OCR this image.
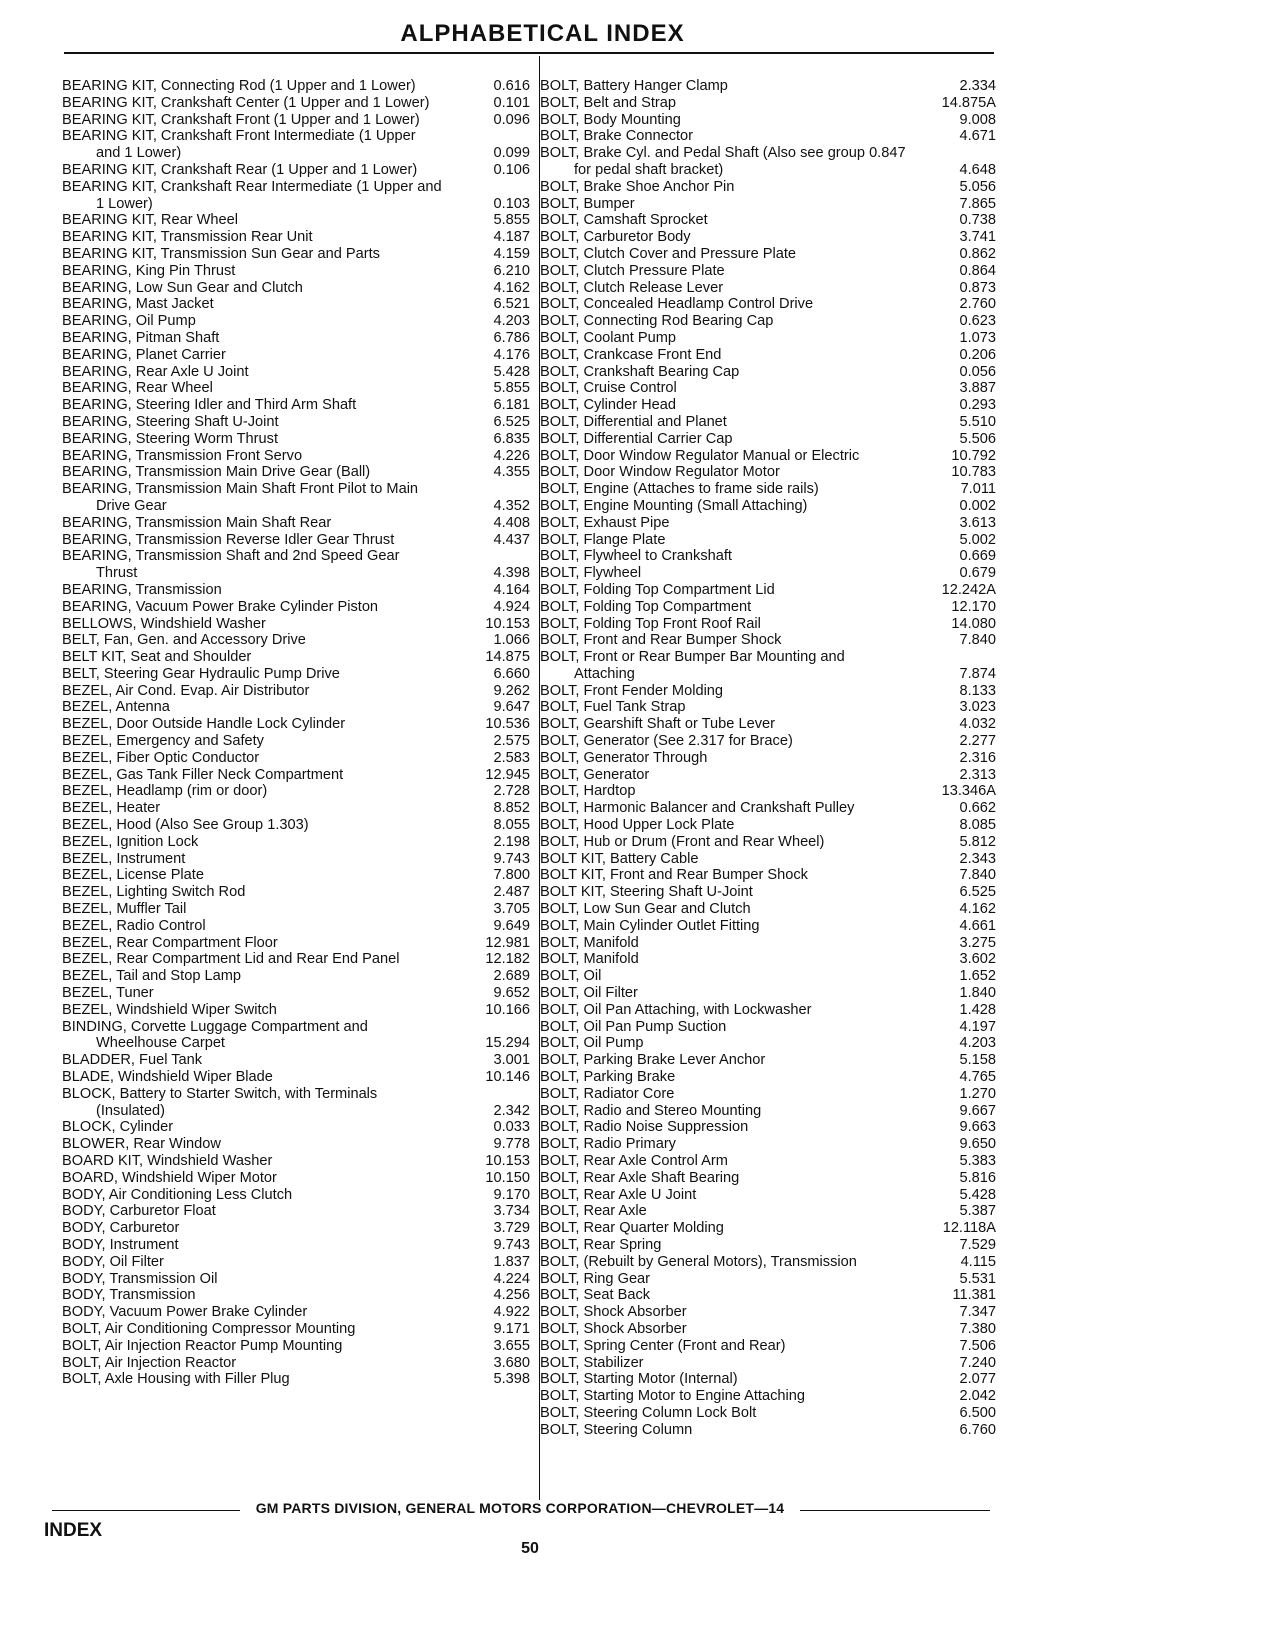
ALPHABETICAL INDEX
BEARING KIT, Connecting Rod (1 Upper and 1 Lower)	0.616
BEARING KIT, Crankshaft Center (1 Upper and 1 Lower)	0.101
BEARING KIT, Crankshaft Front (1 Upper and 1 Lower)	0.096
BEARING KIT, Crankshaft Front Intermediate (1 Upper and 1 Lower)	0.099
BEARING KIT, Crankshaft Rear (1 Upper and 1 Lower)	0.106
BEARING KIT, Crankshaft Rear Intermediate (1 Upper and 1 Lower)	0.103
BEARING KIT, Rear Wheel	5.855
BEARING KIT, Transmission Rear Unit	4.187
BEARING KIT, Transmission Sun Gear and Parts	4.159
BEARING, King Pin Thrust	6.210
BEARING, Low Sun Gear and Clutch	4.162
BEARING, Mast Jacket	6.521
BEARING, Oil Pump	4.203
BEARING, Pitman Shaft	6.786
BEARING, Planet Carrier	4.176
BEARING, Rear Axle U Joint	5.428
BEARING, Rear Wheel	5.855
BEARING, Steering Idler and Third Arm Shaft	6.181
BEARING, Steering Shaft U-Joint	6.525
BEARING, Steering Worm Thrust	6.835
BEARING, Transmission Front Servo	4.226
BEARING, Transmission Main Drive Gear (Ball)	4.355
BEARING, Transmission Main Shaft Front Pilot to Main Drive Gear	4.352
BEARING, Transmission Main Shaft Rear	4.408
BEARING, Transmission Reverse Idler Gear Thrust	4.437
BEARING, Transmission Shaft and 2nd Speed Gear Thrust	4.398
BEARING, Transmission	4.164
BEARING, Vacuum Power Brake Cylinder Piston	4.924
BELLOWS, Windshield Washer	10.153
BELT, Fan, Gen. and Accessory Drive	1.066
BELT KIT, Seat and Shoulder	14.875
BELT, Steering Gear Hydraulic Pump Drive	6.660
BEZEL, Air Cond. Evap. Air Distributor	9.262
BEZEL, Antenna	9.647
BEZEL, Door Outside Handle Lock Cylinder	10.536
BEZEL, Emergency and Safety	2.575
BEZEL, Fiber Optic Conductor	2.583
BEZEL, Gas Tank Filler Neck Compartment	12.945
BEZEL, Headlamp (rim or door)	2.728
BEZEL, Heater	8.852
BEZEL, Hood (Also See Group 1.303)	8.055
BEZEL, Ignition Lock	2.198
BEZEL, Instrument	9.743
BEZEL, License Plate	7.800
BEZEL, Lighting Switch Rod	2.487
BEZEL, Muffler Tail	3.705
BEZEL, Radio Control	9.649
BEZEL, Rear Compartment Floor	12.981
BEZEL, Rear Compartment Lid and Rear End Panel	12.182
BEZEL, Tail and Stop Lamp	2.689
BEZEL, Tuner	9.652
BEZEL, Windshield Wiper Switch	10.166
BINDING, Corvette Luggage Compartment and Wheelhouse Carpet	15.294
BLADDER, Fuel Tank	3.001
BLADE, Windshield Wiper Blade	10.146
BLOCK, Battery to Starter Switch, with Terminals (Insulated)	2.342
BLOCK, Cylinder	0.033
BLOWER, Rear Window	9.778
BOARD KIT, Windshield Washer	10.153
BOARD, Windshield Wiper Motor	10.150
BODY, Air Conditioning Less Clutch	9.170
BODY, Carburetor Float	3.734
BODY, Carburetor	3.729
BODY, Instrument	9.743
BODY, Oil Filter	1.837
BODY, Transmission Oil	4.224
BODY, Transmission	4.256
BODY, Vacuum Power Brake Cylinder	4.922
BOLT, Air Conditioning Compressor Mounting	9.171
BOLT, Air Injection Reactor Pump Mounting	3.655
BOLT, Air Injection Reactor	3.680
BOLT, Axle Housing with Filler Plug	5.398
BOLT, Battery Hanger Clamp	2.334
BOLT, Belt and Strap	14.875A
BOLT, Body Mounting	9.008
BOLT, Brake Connector	4.671
BOLT, Brake Cyl. and Pedal Shaft (Also see group 0.847 for pedal shaft bracket)	4.648
BOLT, Brake Shoe Anchor Pin	5.056
BOLT, Bumper	7.865
BOLT, Camshaft Sprocket	0.738
BOLT, Carburetor Body	3.741
BOLT, Clutch Cover and Pressure Plate	0.862
BOLT, Clutch Pressure Plate	0.864
BOLT, Clutch Release Lever	0.873
BOLT, Concealed Headlamp Control Drive	2.760
BOLT, Connecting Rod Bearing Cap	0.623
BOLT, Coolant Pump	1.073
BOLT, Crankcase Front End	0.206
BOLT, Crankshaft Bearing Cap	0.056
BOLT, Cruise Control	3.887
BOLT, Cylinder Head	0.293
BOLT, Differential and Planet	5.510
BOLT, Differential Carrier Cap	5.506
BOLT, Door Window Regulator Manual or Electric	10.792
BOLT, Door Window Regulator Motor	10.783
BOLT, Engine (Attaches to frame side rails)	7.011
BOLT, Engine Mounting (Small Attaching)	0.002
BOLT, Exhaust Pipe	3.613
BOLT, Flange Plate	5.002
BOLT, Flywheel to Crankshaft	0.669
BOLT, Flywheel	0.679
BOLT, Folding Top Compartment Lid	12.242A
BOLT, Folding Top Compartment	12.170
BOLT, Folding Top Front Roof Rail	14.080
BOLT, Front and Rear Bumper Shock	7.840
BOLT, Front or Rear Bumper Bar Mounting and Attaching	7.874
BOLT, Front Fender Molding	8.133
BOLT, Fuel Tank Strap	3.023
BOLT, Gearshift Shaft or Tube Lever	4.032
BOLT, Generator (See 2.317 for Brace)	2.277
BOLT, Generator Through	2.316
BOLT, Generator	2.313
BOLT, Hardtop	13.346A
BOLT, Harmonic Balancer and Crankshaft Pulley	0.662
BOLT, Hood Upper Lock Plate	8.085
BOLT, Hub or Drum (Front and Rear Wheel)	5.812
BOLT KIT, Battery Cable	2.343
BOLT KIT, Front and Rear Bumper Shock	7.840
BOLT KIT, Steering Shaft U-Joint	6.525
BOLT, Low Sun Gear and Clutch	4.162
BOLT, Main Cylinder Outlet Fitting	4.661
BOLT, Manifold	3.275
BOLT, Manifold	3.602
BOLT, Oil	1.652
BOLT, Oil Filter	1.840
BOLT, Oil Pan Attaching, with Lockwasher	1.428
BOLT, Oil Pan Pump Suction	4.197
BOLT, Oil Pump	4.203
BOLT, Parking Brake Lever Anchor	5.158
BOLT, Parking Brake	4.765
BOLT, Radiator Core	1.270
BOLT, Radio and Stereo Mounting	9.667
BOLT, Radio Noise Suppression	9.663
BOLT, Radio Primary	9.650
BOLT, Rear Axle Control Arm	5.383
BOLT, Rear Axle Shaft Bearing	5.816
BOLT, Rear Axle U Joint	5.428
BOLT, Rear Axle	5.387
BOLT, Rear Quarter Molding	12.118A
BOLT, Rear Spring	7.529
BOLT, (Rebuilt by General Motors), Transmission	4.115
BOLT, Ring Gear	5.531
BOLT, Seat Back	11.381
BOLT, Shock Absorber	7.347
BOLT, Shock Absorber	7.380
BOLT, Spring Center (Front and Rear)	7.506
BOLT, Stabilizer	7.240
BOLT, Starting Motor (Internal)	2.077
BOLT, Starting Motor to Engine Attaching	2.042
BOLT, Steering Column Lock Bolt	6.500
BOLT, Steering Column	6.760
GM PARTS DIVISION, GENERAL MOTORS CORPORATION—CHEVROLET—14
INDEX
50
